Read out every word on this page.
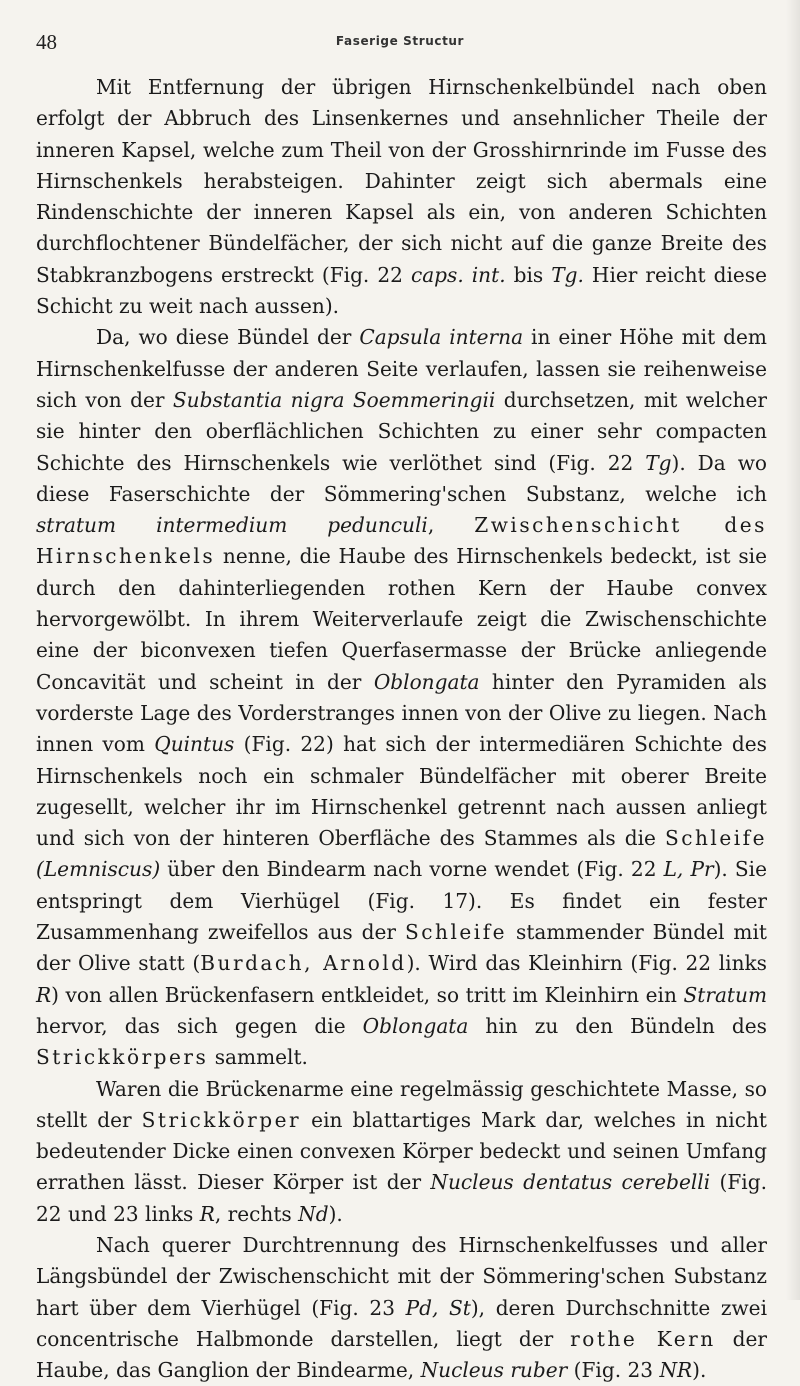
48	Faserige Structur

Mit Entfernung der übrigen Hirnschenkelbündel nach oben erfolgt der Abbruch des Linsenkernes und ansehnlicher Theile der inneren Kapsel, welche zum Theil von der Grosshirnrinde im Fusse des Hirnschenkels herabsteigen. Dahinter zeigt sich abermals eine Rindenschichte der inneren Kapsel als ein, von anderen Schichten durchflochtener Bündelfächer, der sich nicht auf die ganze Breite des Stabkranzbogens erstreckt (Fig. 22 caps. int. bis Tg. Hier reicht diese Schicht zu weit nach aussen).

Da, wo diese Bündel der Capsula interna in einer Höhe mit dem Hirnschenkelfusse der anderen Seite verlaufen, lassen sie reihenweise sich von der Substantia nigra Soemmeringii durchsetzen, mit welcher sie hinter den oberflächlichen Schichten zu einer sehr compacten Schichte des Hirnschenkels wie verlöthet sind (Fig. 22 Tg). Da wo diese Faserschichte der Sömmering'schen Substanz, welche ich stratum intermedium pedunculi, Zwischenschicht des Hirnschenkels nenne, die Haube des Hirnschenkels bedeckt, ist sie durch den dahinterliegenden rothen Kern der Haube convex hervorgewölbt. In ihrem Weiterverlaufe zeigt die Zwischenschichte eine der biconvexen tiefen Querfasermasse der Brücke anliegende Concavität und scheint in der Oblongata hinter den Pyramiden als vorderste Lage des Vorderstranges innen von der Olive zu liegen. Nach innen vom Quintus (Fig. 22) hat sich der intermediären Schichte des Hirnschenkels noch ein schmaler Bündelfächer mit oberer Breite zugesellt, welcher ihr im Hirnschenkel getrennt nach aussen anliegt und sich von der hinteren Oberfläche des Stammes als die Schleife (Lemniscus) über den Bindearm nach vorne wendet (Fig. 22 L, Pr). Sie entspringt dem Vierhügel (Fig. 17). Es findet ein fester Zusammenhang zweifellos aus der Schleife stammender Bündel mit der Olive statt (Burdach, Arnold). Wird das Kleinhirn (Fig. 22 links R) von allen Brückenfasern entkleidet, so tritt im Kleinhirn ein Stratum hervor, das sich gegen die Oblongata hin zu den Bündeln des Strickkörpers sammelt.

Waren die Brückenarme eine regelmässig geschichtete Masse, so stellt der Strickkörper ein blattartiges Mark dar, welches in nicht bedeutender Dicke einen convexen Körper bedeckt und seinen Umfang errathen lässt. Dieser Körper ist der Nucleus dentatus cerebelli (Fig. 22 und 23 links R, rechts Nd).

Nach querer Durchtrennung des Hirnschenkelfusses und aller Längsbündel der Zwischenschicht mit der Sömmering'schen Substanz hart über dem Vierhügel (Fig. 23 Pd, St), deren Durchschnitte zwei concentrische Halbmonde darstellen, liegt der rothe Kern der Haube, das Ganglion der Bindearme, Nucleus ruber (Fig. 23 NR).
